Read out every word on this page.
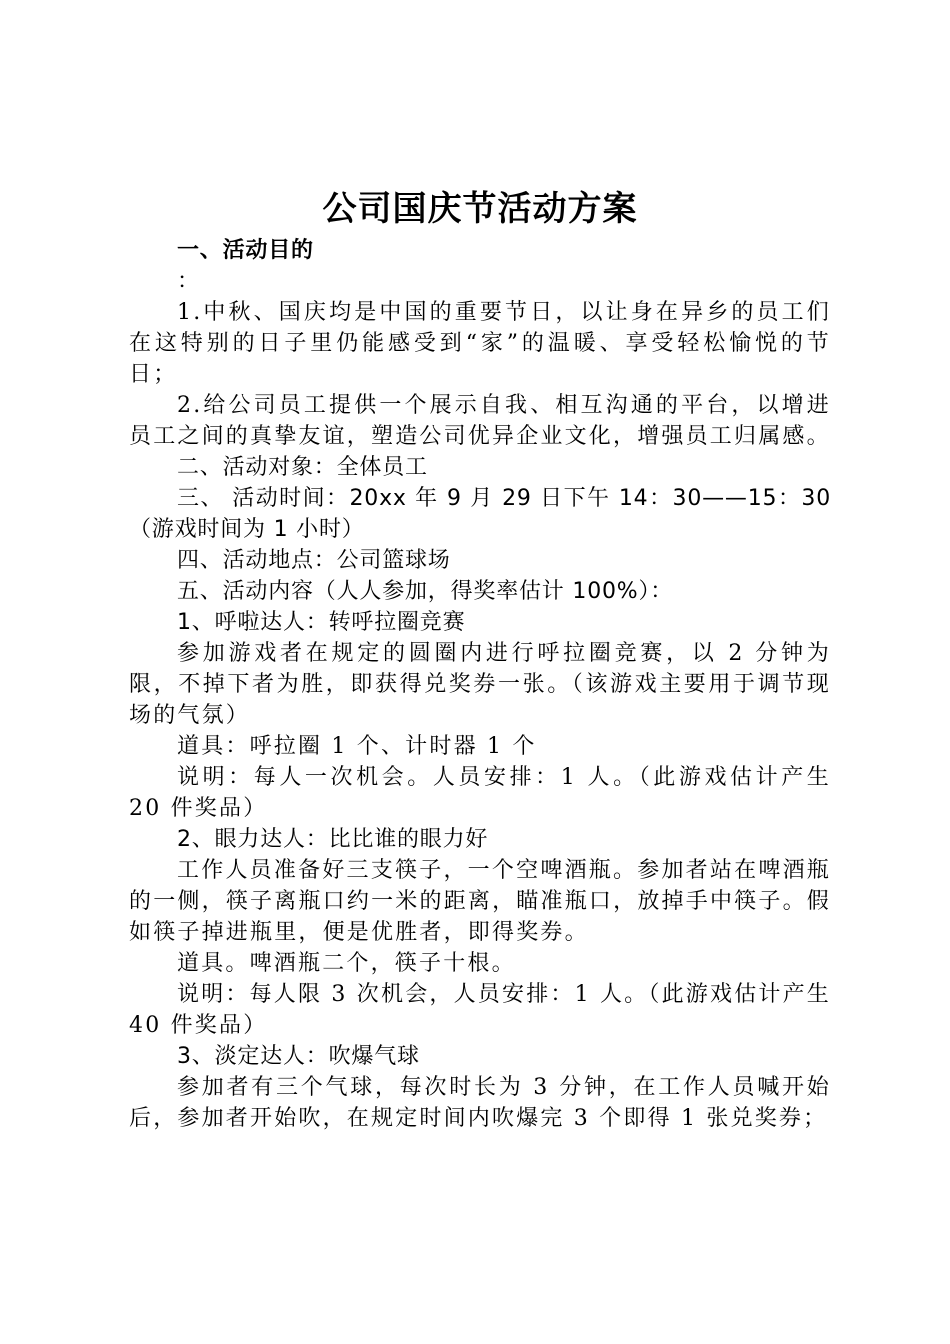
公司国庆节活动方案

一、活动目的

：

1.中秋、国庆均是中国的重要节日，以让身在异乡的员工们在这特别的日子里仍能感受到“家”的温暖、享受轻松愉悦的节日；

2.给公司员工提供一个展示自我、相互沟通的平台，以增进员工之间的真挚友谊，塑造公司优异企业文化，增强员工归属感。

二、活动对象：全体员工

三、 活动时间：20xx 年 9 月 29 日下午 14：30——15：30（游戏时间为 1 小时）

四、活动地点：公司篮球场

五、活动内容（人人参加，得奖率估计 100%）：

1、呼啦达人：转呼拉圈竞赛

参加游戏者在规定的圆圈内进行呼拉圈竞赛，以 2 分钟为限，不掉下者为胜，即获得兑奖券一张。（该游戏主要用于调节现场的气氛）

道具：呼拉圈 1 个、计时器 1 个

说明：每人一次机会。人员安排：1 人。（此游戏估计产生 20 件奖品）

2、眼力达人：比比谁的眼力好

工作人员准备好三支筷子，一个空啤酒瓶。参加者站在啤酒瓶的一侧，筷子离瓶口约一米的距离，瞄准瓶口，放掉手中筷子。假如筷子掉进瓶里，便是优胜者，即得奖券。

道具。啤酒瓶二个，筷子十根。

说明：每人限 3 次机会，人员安排：1 人。（此游戏估计产生 40 件奖品）

3、淡定达人：吹爆气球

参加者有三个气球，每次时长为 3 分钟，在工作人员喊开始后，参加者开始吹，在规定时间内吹爆完 3 个即得 1 张兑奖券；
